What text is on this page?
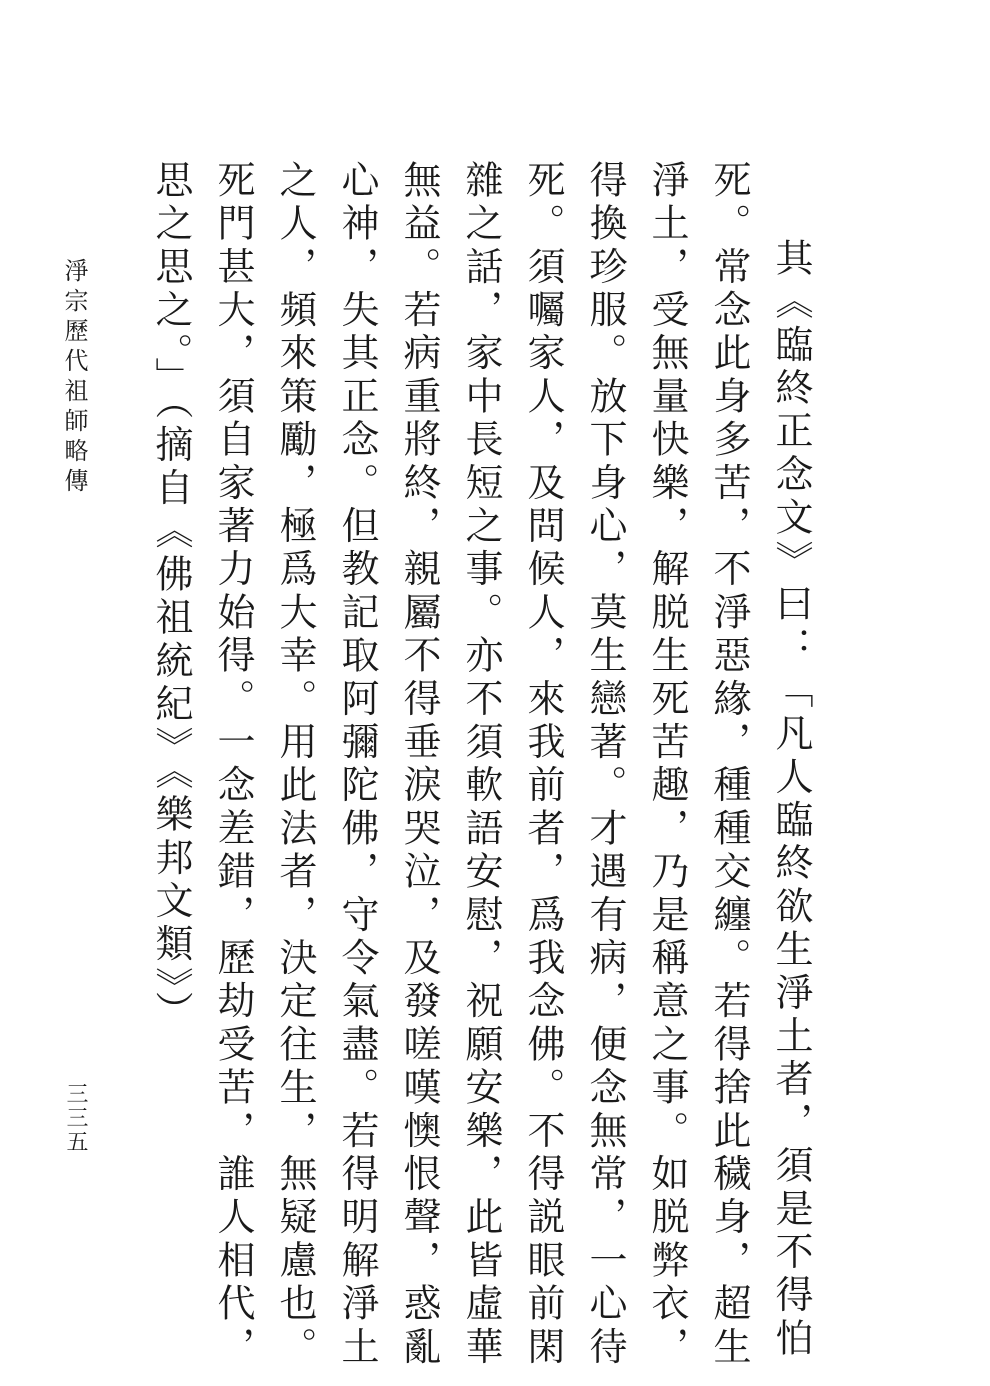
其《臨終正念文》曰：「凡人臨終欲生淨土者，須是不得怕
死。常念此身多苦，不淨惡緣，種種交纏。若得捨此穢身，超生
淨土，受無量快樂，解脱生死苦趣，乃是稱意之事。如脱弊衣，
得換珍服。放下身心，莫生戀著。才遇有病，便念無常，一心待
死。須囑家人，及問候人，來我前者，爲我念佛。不得説眼前閑
雜之話，家中長短之事。亦不須軟語安慰，祝願安樂，此皆虛華
無益。若病重將終，親屬不得垂淚哭泣，及發嗟嘆懊恨聲，惑亂
心神，失其正念。但教記取阿彌陀佛，守令氣盡。若得明解淨土
之人，頻來策勵，極爲大幸。用此法者，決定往生，無疑慮也。
死門甚大，須自家著力始得。一念差錯，歷劫受苦，誰人相代，
思之思之。」（摘自《佛祖統紀》《樂邦文類》）
淨宗歷代祖師略傳
三三五
